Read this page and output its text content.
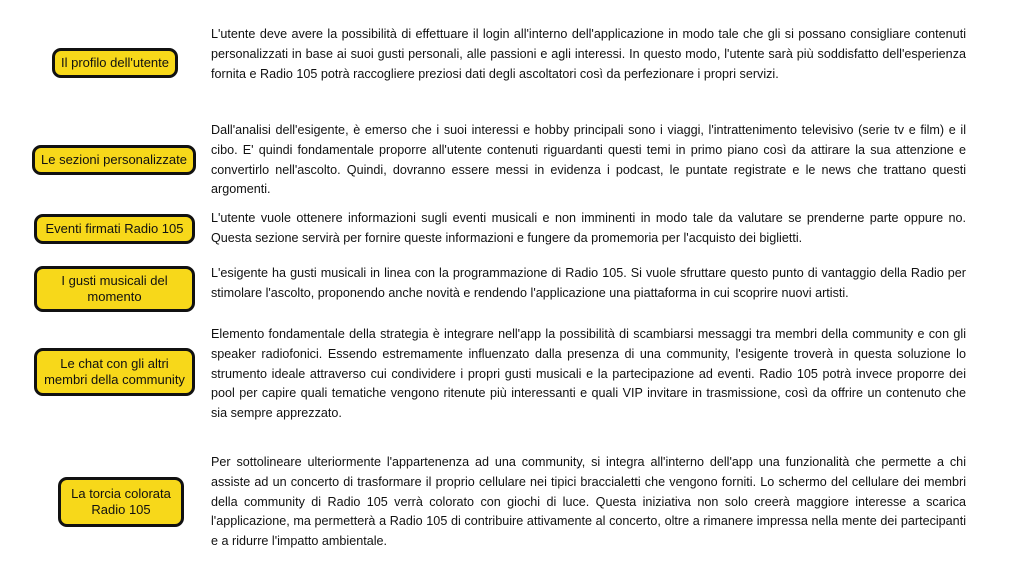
Il profilo dell'utente

L'utente deve avere la possibilità di effettuare il login all'interno dell'applicazione in modo tale che gli si possano consigliare contenuti personalizzati in base ai suoi gusti personali, alle passioni e agli interessi. In questo modo, l'utente sarà più soddisfatto dell'esperienza fornita e Radio 105 potrà raccogliere preziosi dati degli ascoltatori così da perfezionare i propri servizi.

Le sezioni personalizzate

Dall'analisi dell'esigente, è emerso che i suoi interessi e hobby principali sono i viaggi, l'intrattenimento televisivo (serie tv e film) e il cibo. E' quindi fondamentale proporre all'utente contenuti riguardanti questi temi in primo piano così da attirare la sua attenzione e convertirlo nell'ascolto. Quindi, dovranno essere messi in evidenza i podcast, le puntate registrate e le news che trattano questi argomenti.

Eventi firmati Radio 105

L'utente vuole ottenere informazioni sugli eventi musicali e non imminenti in modo tale da valutare se prenderne parte oppure no. Questa sezione servirà per fornire queste informazioni e fungere da promemoria per l'acquisto dei biglietti.

I gusti musicali del momento

L'esigente ha gusti musicali in linea con la programmazione di Radio 105. Si vuole sfruttare questo punto di vantaggio della Radio per stimolare l'ascolto, proponendo anche novità e rendendo l'applicazione una piattaforma in cui scoprire nuovi artisti.

Le chat con gli altri membri della community

Elemento fondamentale della strategia è integrare nell'app la possibilità di scambiarsi messaggi tra membri della community e con gli speaker radiofonici. Essendo estremamente influenzato dalla presenza di una community, l'esigente troverà in questa soluzione lo strumento ideale attraverso cui condividere i propri gusti musicali e la partecipazione ad eventi. Radio 105 potrà invece proporre dei pool per capire quali tematiche vengono ritenute più interessanti e quali VIP invitare in trasmissione, così da offrire un contenuto che sia sempre apprezzato.

La torcia colorata Radio 105

Per sottolineare ulteriormente l'appartenenza ad una community, si integra all'interno dell'app una funzionalità che permette a chi assiste ad un concerto di trasformare il proprio cellulare nei tipici braccialetti che vengono forniti. Lo schermo del cellulare dei membri della community di Radio 105 verrà colorato con giochi di luce. Questa iniziativa non solo creerà maggiore interesse a scarica l'applicazione, ma permetterà a Radio 105 di contribuire attivamente al concerto, oltre a rimanere impressa nella mente dei partecipanti e a ridurre l'impatto ambientale.
